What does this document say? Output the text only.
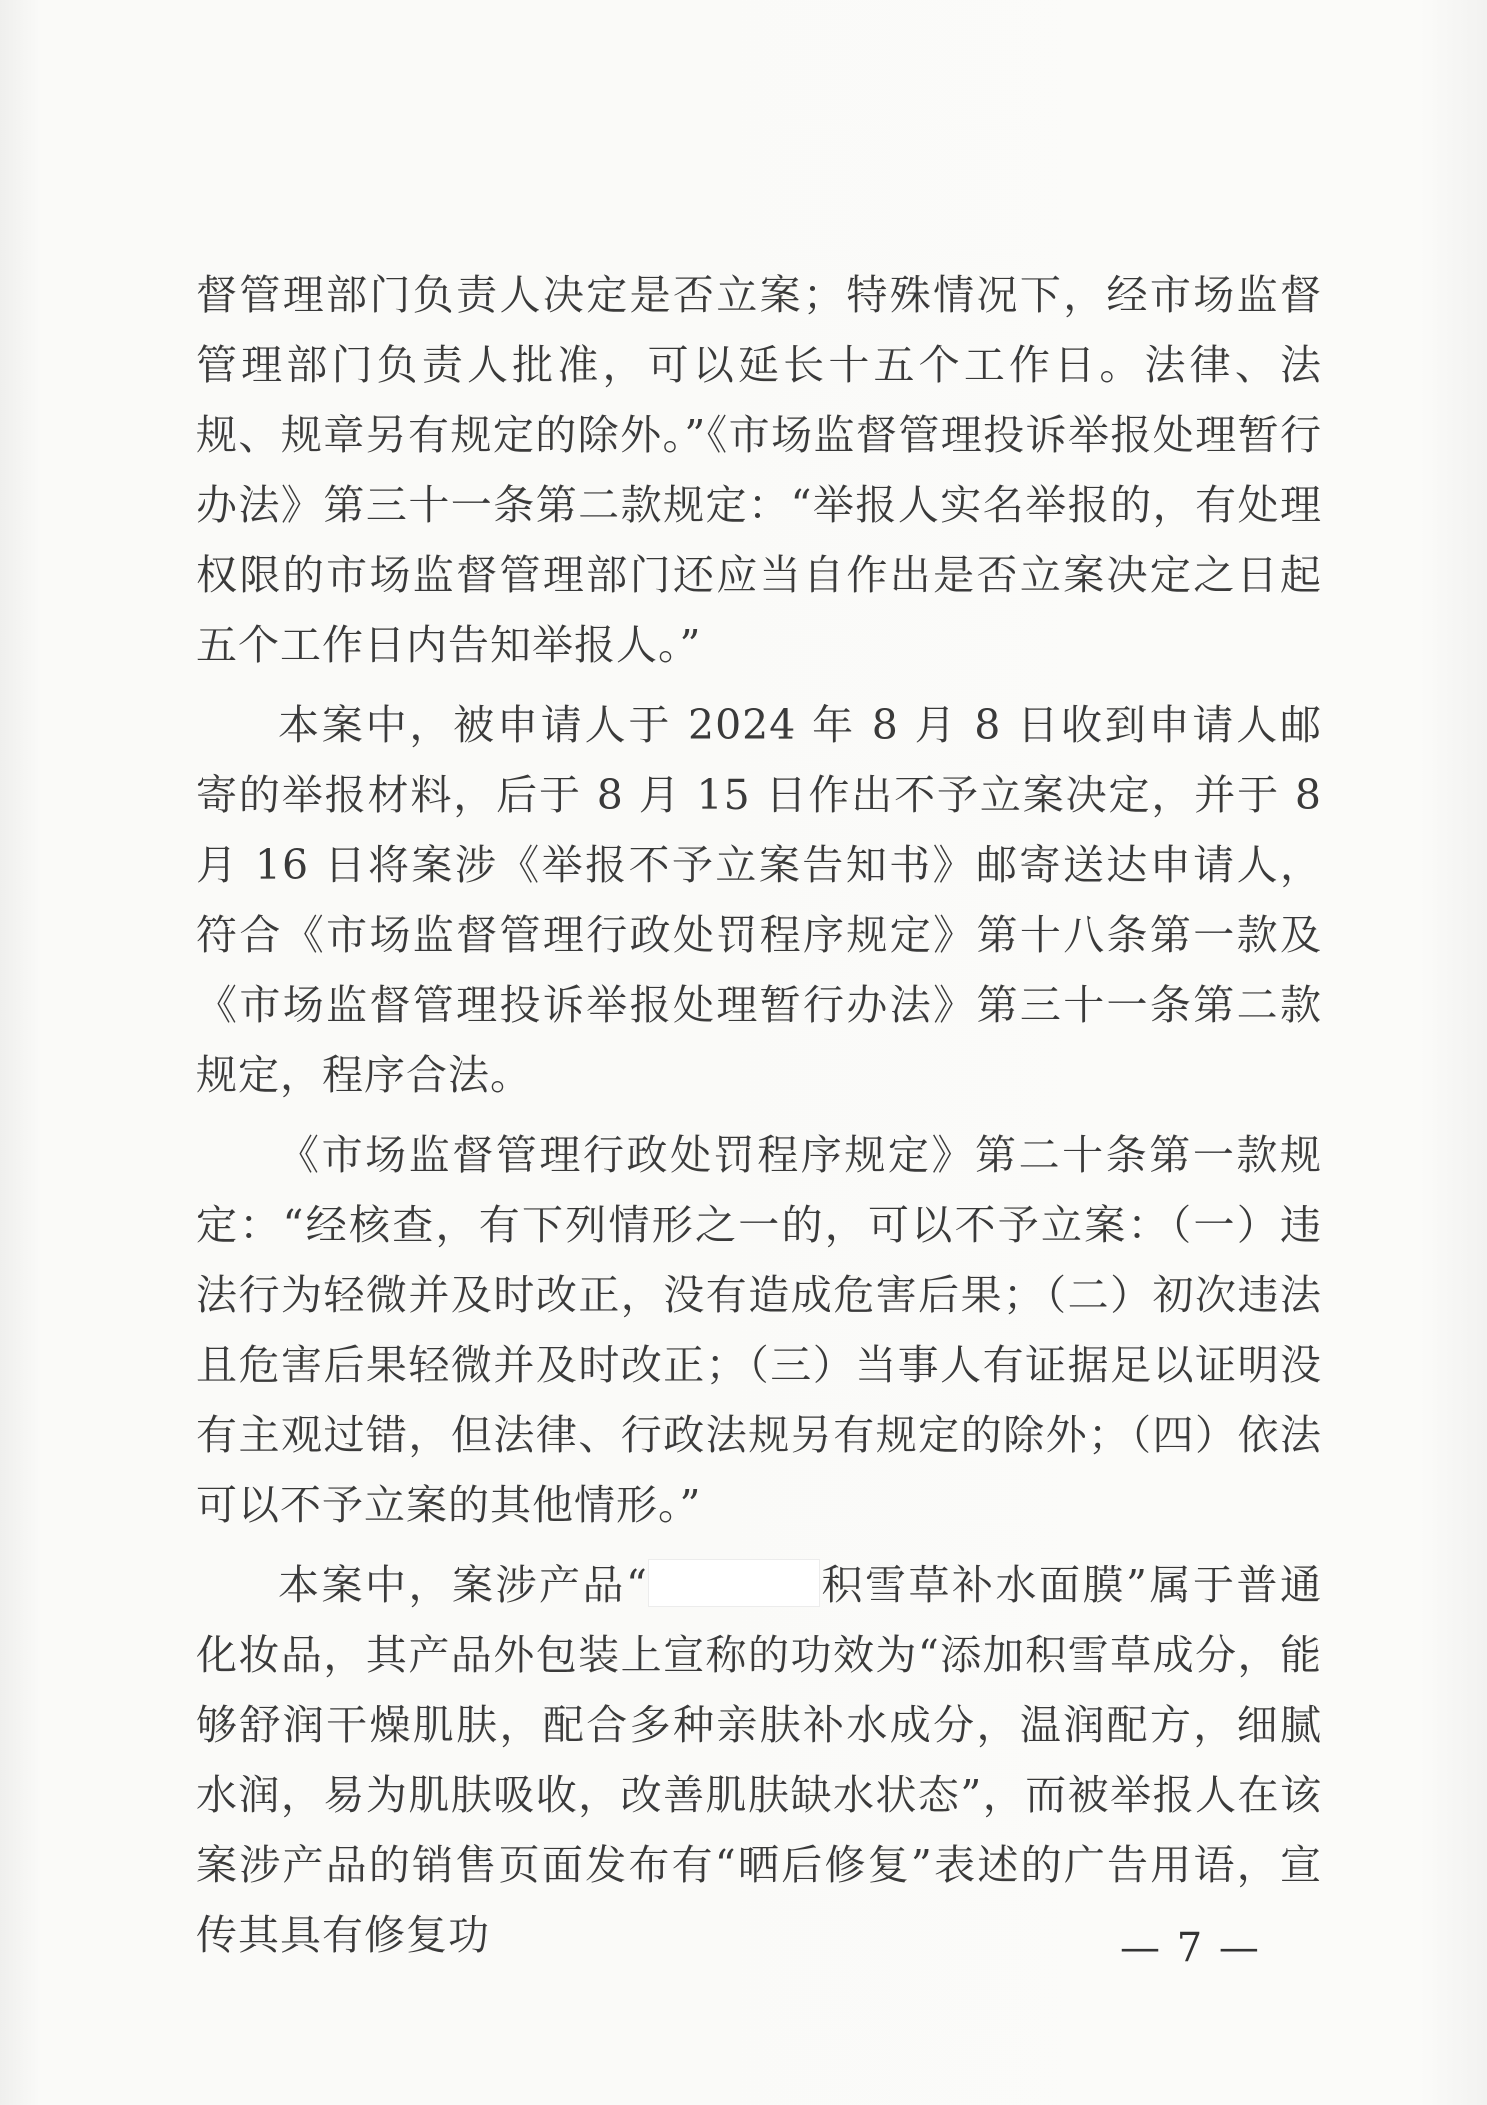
督管理部门负责人决定是否立案；特殊情况下，经市场监督管理部门负责人批准，可以延长十五个工作日。法律、法规、规章另有规定的除外。”《市场监督管理投诉举报处理暂行办法》第三十一条第二款规定：“举报人实名举报的，有处理权限的市场监督管理部门还应当自作出是否立案决定之日起五个工作日内告知举报人。”

本案中，被申请人于 2024 年 8 月 8 日收到申请人邮寄的举报材料，后于 8 月 15 日作出不予立案决定，并于 8 月 16 日将案涉《举报不予立案告知书》邮寄送达申请人，符合《市场监督管理行政处罚程序规定》第十八条第一款及《市场监督管理投诉举报处理暂行办法》第三十一条第二款规定，程序合法。

《市场监督管理行政处罚程序规定》第二十条第一款规定：“经核查，有下列情形之一的，可以不予立案：（一）违法行为轻微并及时改正，没有造成危害后果；（二）初次违法且危害后果轻微并及时改正；（三）当事人有证据足以证明没有主观过错，但法律、行政法规另有规定的除外；（四）依法可以不予立案的其他情形。”

本案中，案涉产品“	积雪草补水面膜”属于普通化妆品，其产品外包装上宣称的功效为“添加积雪草成分，能够舒润干燥肌肤，配合多种亲肤补水成分，温润配方，细腻水润，易为肌肤吸收，改善肌肤缺水状态”，而被举报人在该案涉产品的销售页面发布有“晒后修复”表述的广告用语，宣传其具有修复功	— 7 —
